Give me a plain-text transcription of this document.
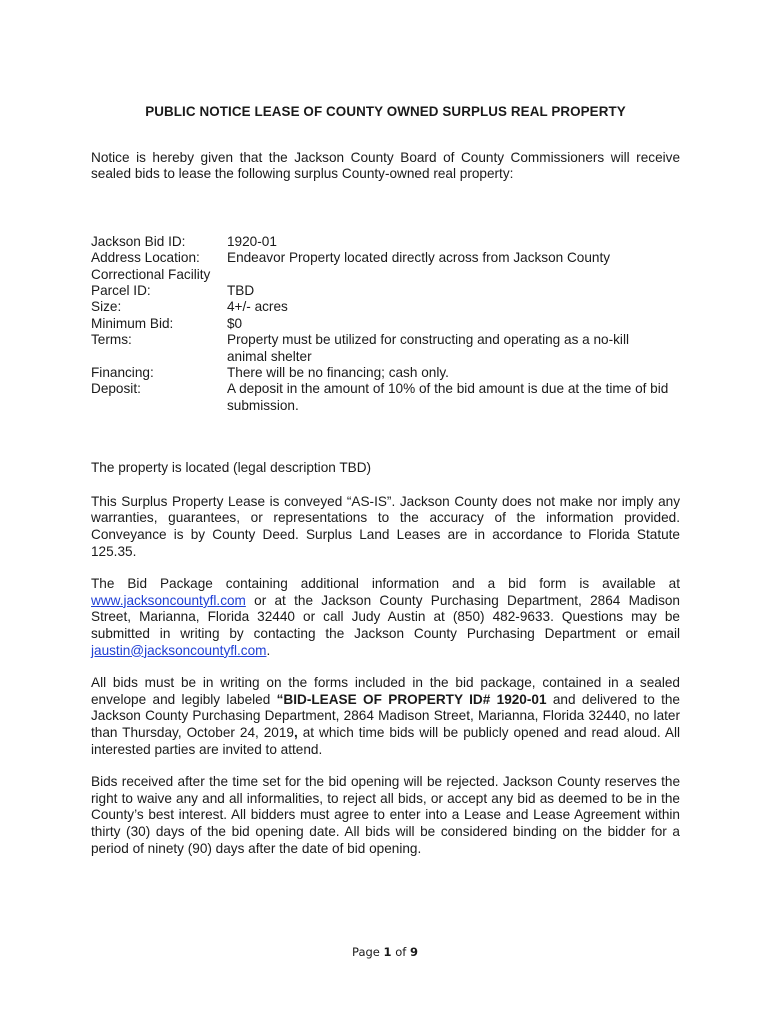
PUBLIC NOTICE LEASE OF COUNTY OWNED SURPLUS REAL PROPERTY

Notice is hereby given that the Jackson County Board of County Commissioners will receive sealed bids to lease the following surplus County-owned real property:

Jackson Bid ID:	1920-01
Address Location:	Endeavor Property located directly across from Jackson County
Correctional Facility	
Parcel ID:	TBD
Size:	4+/- acres
Minimum Bid:	$0
Terms:	Property must be utilized for constructing and operating as a no-kill animal shelter
Financing:	There will be no financing; cash only.
Deposit:	A deposit in the amount of 10% of the bid amount is due at the time of bid submission.

The property is located (legal description TBD)

This Surplus Property Lease is conveyed “AS-IS”. Jackson County does not make nor imply any warranties, guarantees, or representations to the accuracy of the information provided. Conveyance is by County Deed. Surplus Land Leases are in accordance to Florida Statute 125.35.

The Bid Package containing additional information and a bid form is available at www.jacksoncountyfl.com or at the Jackson County Purchasing Department, 2864 Madison Street, Marianna, Florida 32440 or call Judy Austin at (850) 482-9633. Questions may be submitted in writing by contacting the Jackson County Purchasing Department or email jaustin@jacksoncountyfl.com.

All bids must be in writing on the forms included in the bid package, contained in a sealed envelope and legibly labeled “BID-LEASE OF PROPERTY ID# 1920-01 and delivered to the Jackson County Purchasing Department, 2864 Madison Street, Marianna, Florida 32440, no later than Thursday, October 24, 2019, at which time bids will be publicly opened and read aloud. All interested parties are invited to attend.

Bids received after the time set for the bid opening will be rejected. Jackson County reserves the right to waive any and all informalities, to reject all bids, or accept any bid as deemed to be in the County’s best interest. All bidders must agree to enter into a Lease and Lease Agreement within thirty (30) days of the bid opening date. All bids will be considered binding on the bidder for a period of ninety (90) days after the date of bid opening.

Page 1 of 9
